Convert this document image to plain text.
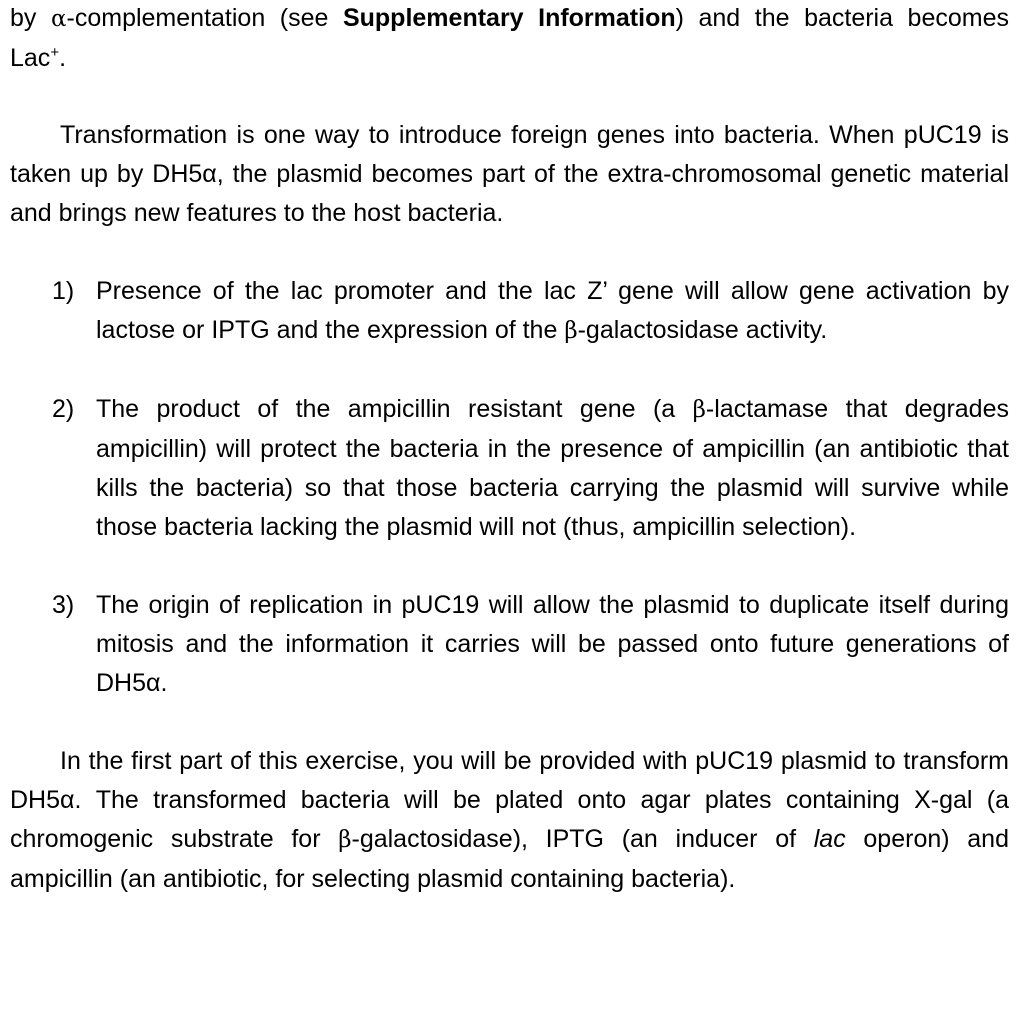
by α-complementation (see Supplementary Information) and the bacteria becomes Lac+.

Transformation is one way to introduce foreign genes into bacteria. When pUC19 is taken up by DH5α, the plasmid becomes part of the extra-chromosomal genetic material and brings new features to the host bacteria.

1) Presence of the lac promoter and the lac Z’ gene will allow gene activation by lactose or IPTG and the expression of the β-galactosidase activity.
2) The product of the ampicillin resistant gene (a β-lactamase that degrades ampicillin) will protect the bacteria in the presence of ampicillin (an antibiotic that kills the bacteria) so that those bacteria carrying the plasmid will survive while those bacteria lacking the plasmid will not (thus, ampicillin selection).
3) The origin of replication in pUC19 will allow the plasmid to duplicate itself during mitosis and the information it carries will be passed onto future generations of DH5α.

In the first part of this exercise, you will be provided with pUC19 plasmid to transform DH5α. The transformed bacteria will be plated onto agar plates containing X-gal (a chromogenic substrate for β-galactosidase), IPTG (an inducer of lac operon) and ampicillin (an antibiotic, for selecting plasmid containing bacteria).
